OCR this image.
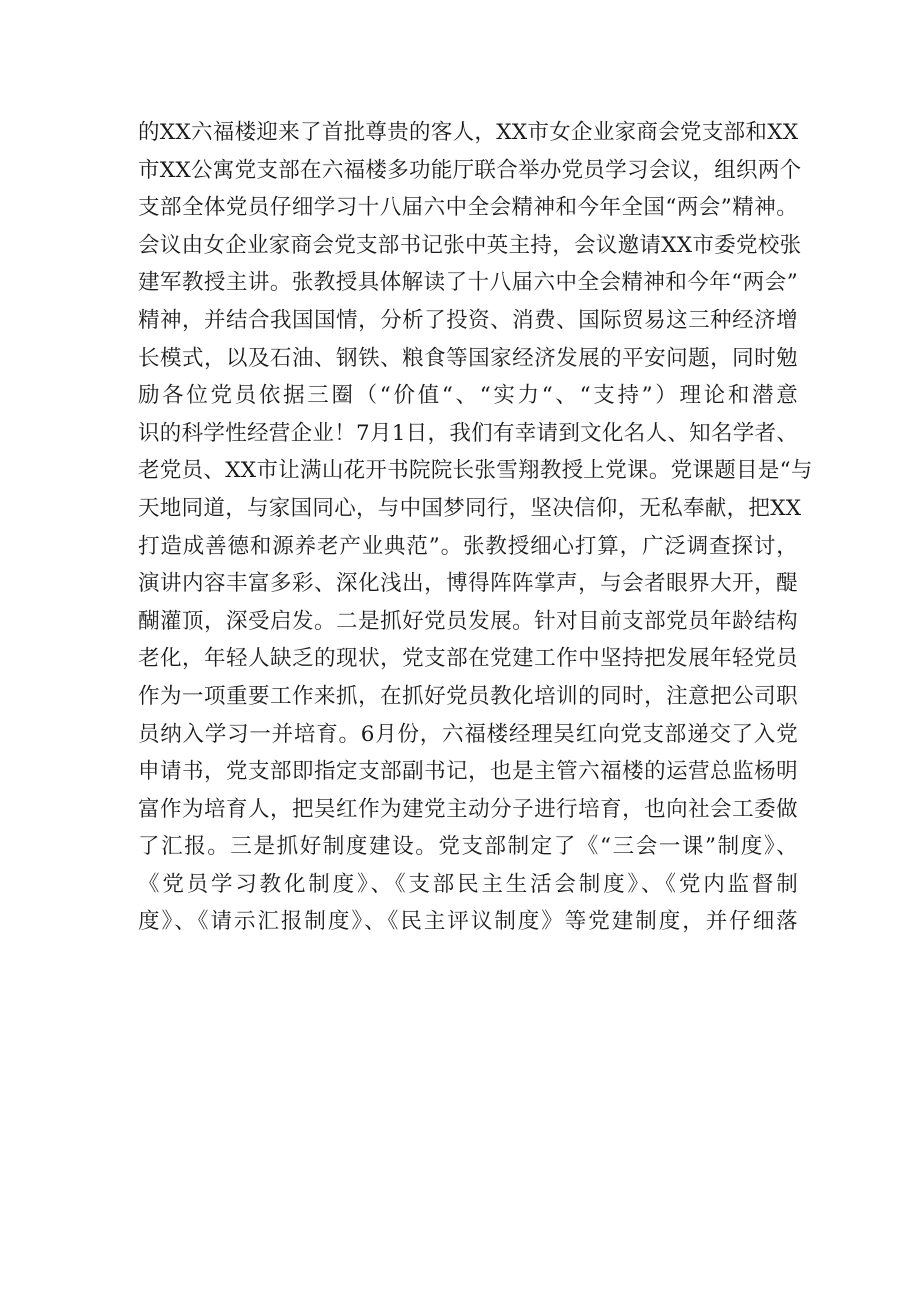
的XX六福楼迎来了首批尊贵的客人，XX市女企业家商会党支部和XX
市XX公寓党支部在六福楼多功能厅联合举办党员学习会议，组织两个
支部全体党员仔细学习十八届六中全会精神和今年全国“两会”精神。
会议由女企业家商会党支部书记张中英主持，会议邀请XX市委党校张
建军教授主讲。张教授具体解读了十八届六中全会精神和今年“两会”
精神，并结合我国国情，分析了投资、消费、国际贸易这三种经济增
长模式，以及石油、钢铁、粮食等国家经济发展的平安问题，同时勉
励各位党员依据三圈（“价值“、“实力“、“支持”）理论和潜意
识的科学性经营企业！7月1日，我们有幸请到文化名人、知名学者、
老党员、XX市让满山花开书院院长张雪翔教授上党课。党课题目是“与
天地同道，与家国同心，与中国梦同行，坚决信仰，无私奉献，把XX
打造成善德和源养老产业典范”。张教授细心打算，广泛调查探讨，
演讲内容丰富多彩、深化浅出，博得阵阵掌声，与会者眼界大开，醍
醐灌顶，深受启发。二是抓好党员发展。针对目前支部党员年龄结构
老化，年轻人缺乏的现状，党支部在党建工作中坚持把发展年轻党员
作为一项重要工作来抓，在抓好党员教化培训的同时，注意把公司职
员纳入学习一并培育。6月份，六福楼经理吴红向党支部递交了入党
申请书，党支部即指定支部副书记，也是主管六福楼的运营总监杨明
富作为培育人，把吴红作为建党主动分子进行培育，也向社会工委做
了汇报。三是抓好制度建设。党支部制定了《“三会一课”制度》、
《党员学习教化制度》、《支部民主生活会制度》、《党内监督制
度》、《请示汇报制度》、《民主评议制度》等党建制度，并仔细落
